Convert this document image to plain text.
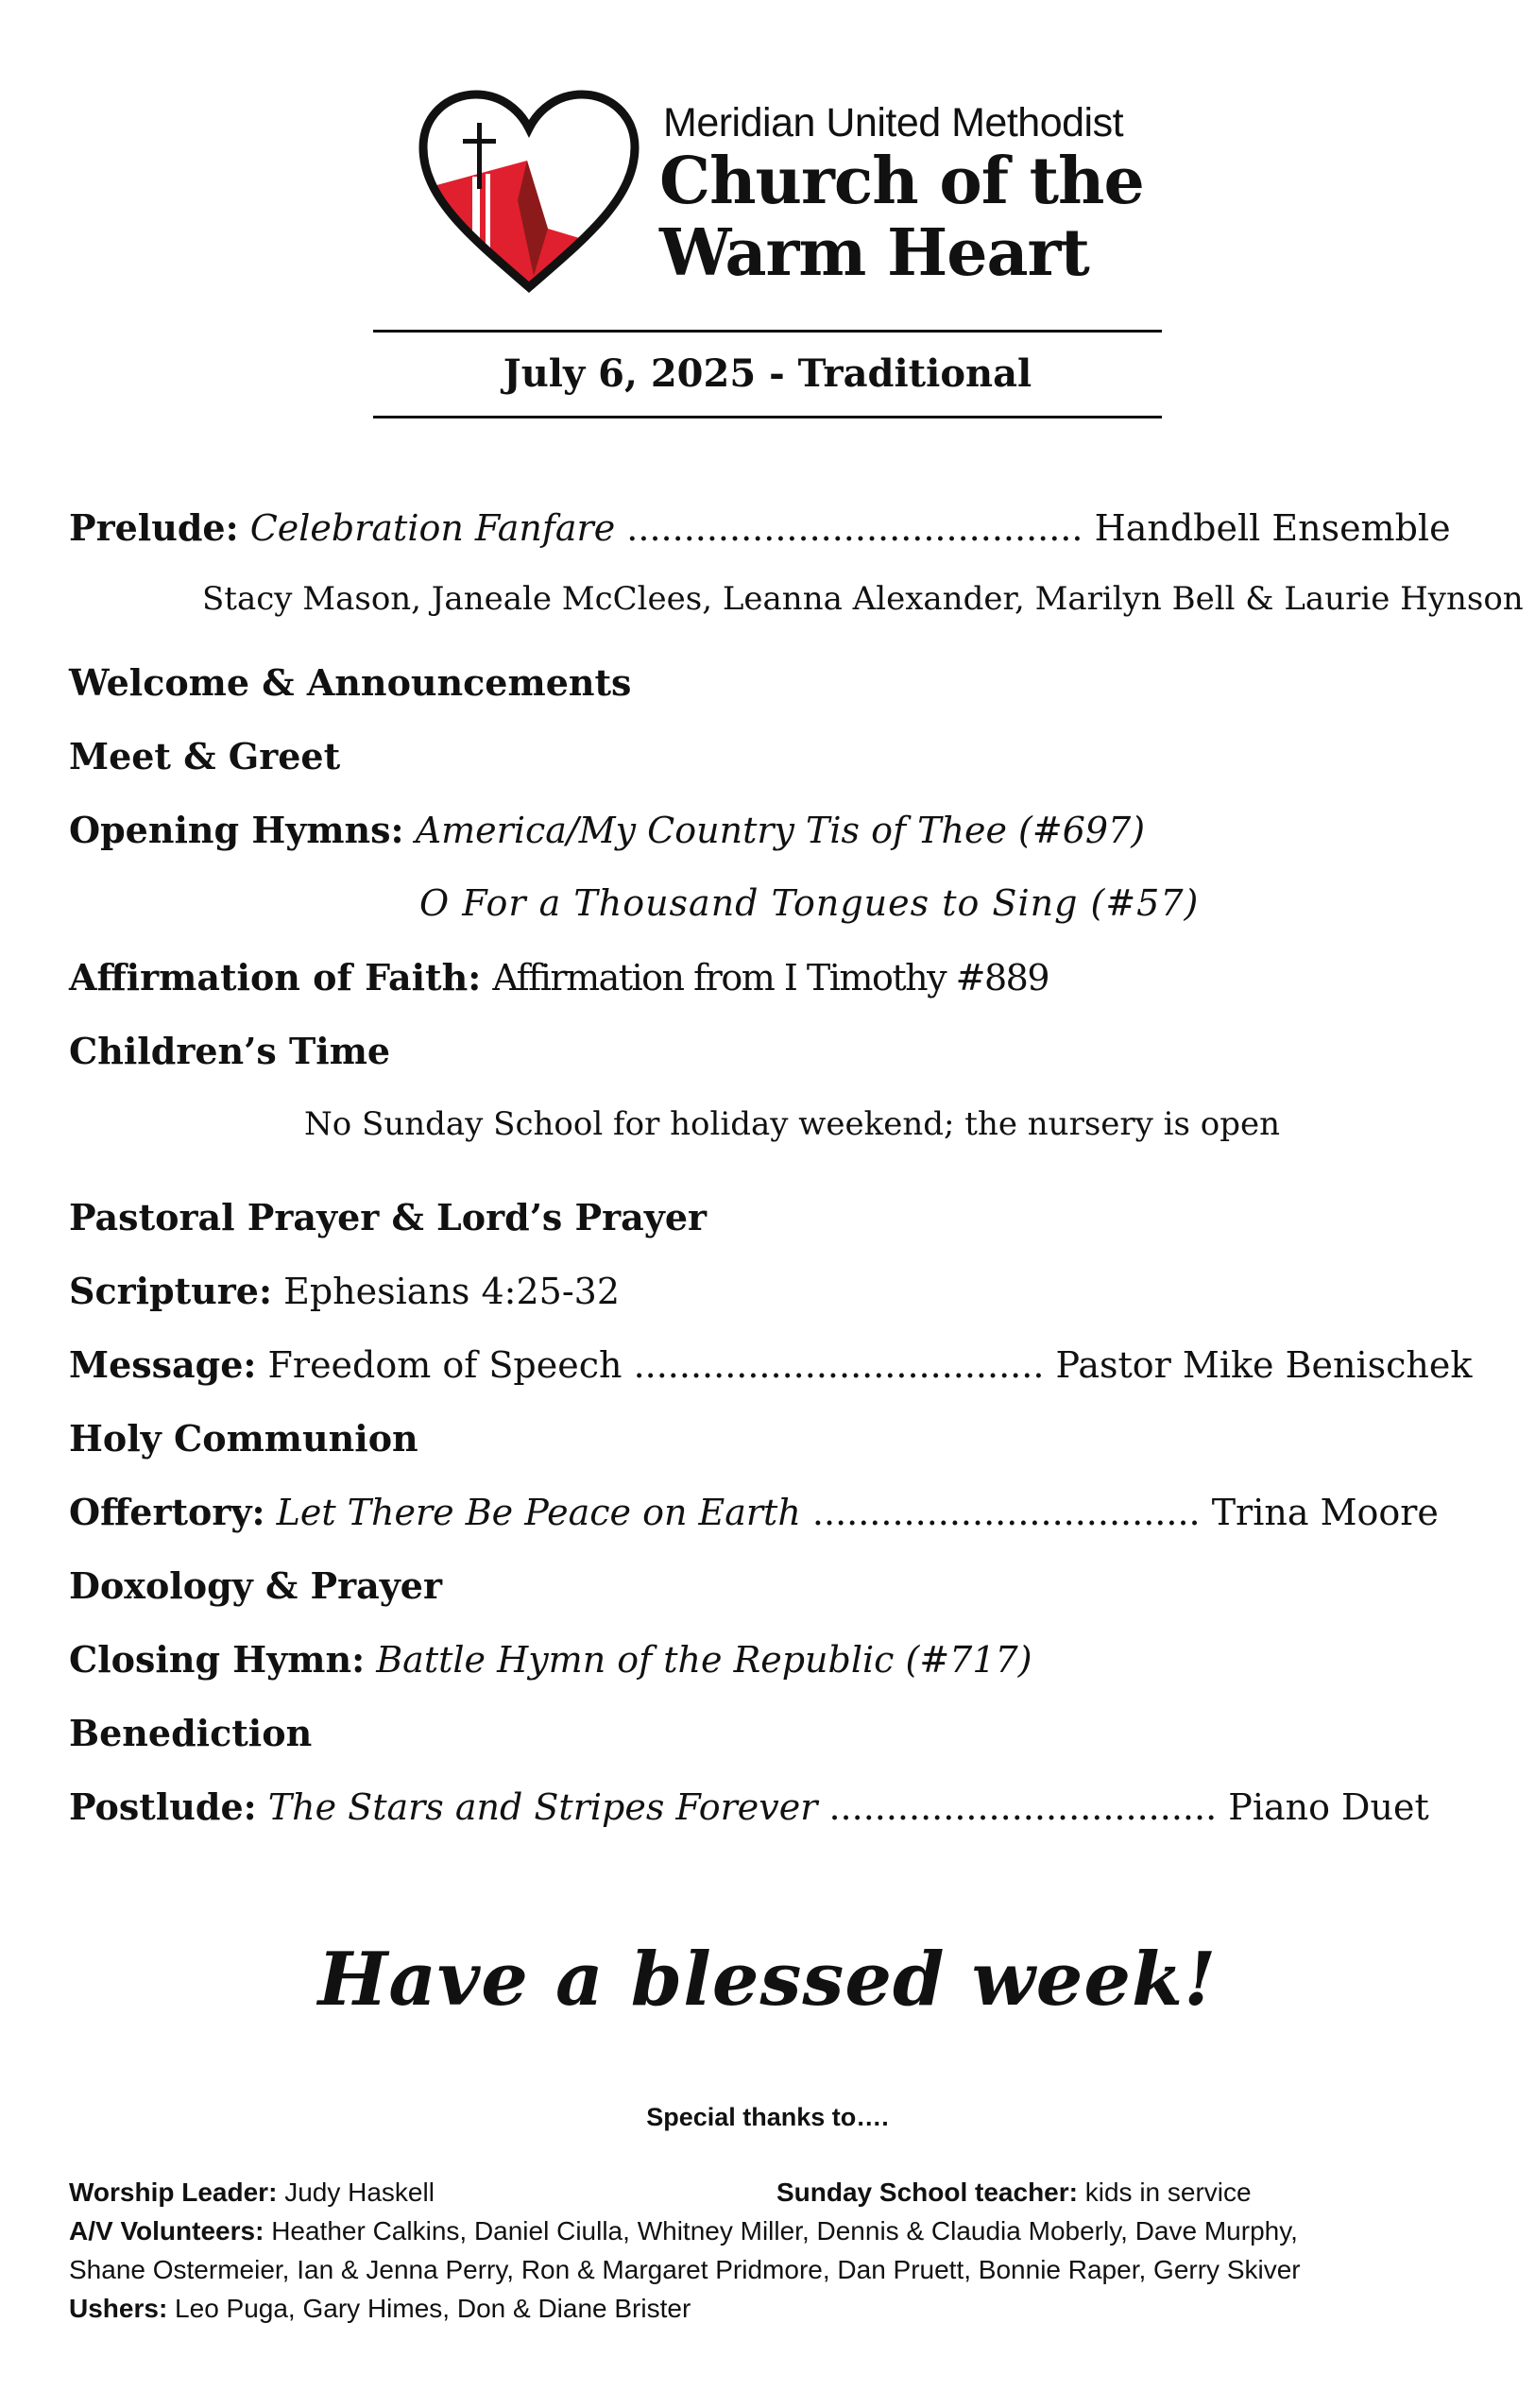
Meridian United Methodist
Church of the
Warm Heart
July 6, 2025 - Traditional
Prelude: Celebration Fanfare ........................................ Handbell Ensemble
Stacy Mason, Janeale McClees, Leanna Alexander, Marilyn Bell & Laurie Hynson
Welcome & Announcements
Meet & Greet
Opening Hymns: America/My Country Tis of Thee (#697)
O For a Thousand Tongues to Sing (#57)
Affirmation of Faith: Affirmation from I Timothy #889
Children’s Time
No Sunday School for holiday weekend; the nursery is open
Pastoral Prayer & Lord’s Prayer
Scripture: Ephesians 4:25-32
Message: Freedom of Speech .................................... Pastor Mike Benischek
Holy Communion
Offertory: Let There Be Peace on Earth .................................. Trina Moore
Doxology & Prayer
Closing Hymn: Battle Hymn of the Republic (#717)
Benediction
Postlude: The Stars and Stripes Forever .................................. Piano Duet
Have a blessed week!
Special thanks to….
Worship Leader: Judy Haskell	Sunday School teacher: kids in service
A/V Volunteers: Heather Calkins, Daniel Ciulla, Whitney Miller, Dennis & Claudia Moberly, Dave Murphy,
Shane Ostermeier, Ian & Jenna Perry, Ron & Margaret Pridmore, Dan Pruett, Bonnie Raper, Gerry Skiver
Ushers: Leo Puga, Gary Himes, Don & Diane Brister
